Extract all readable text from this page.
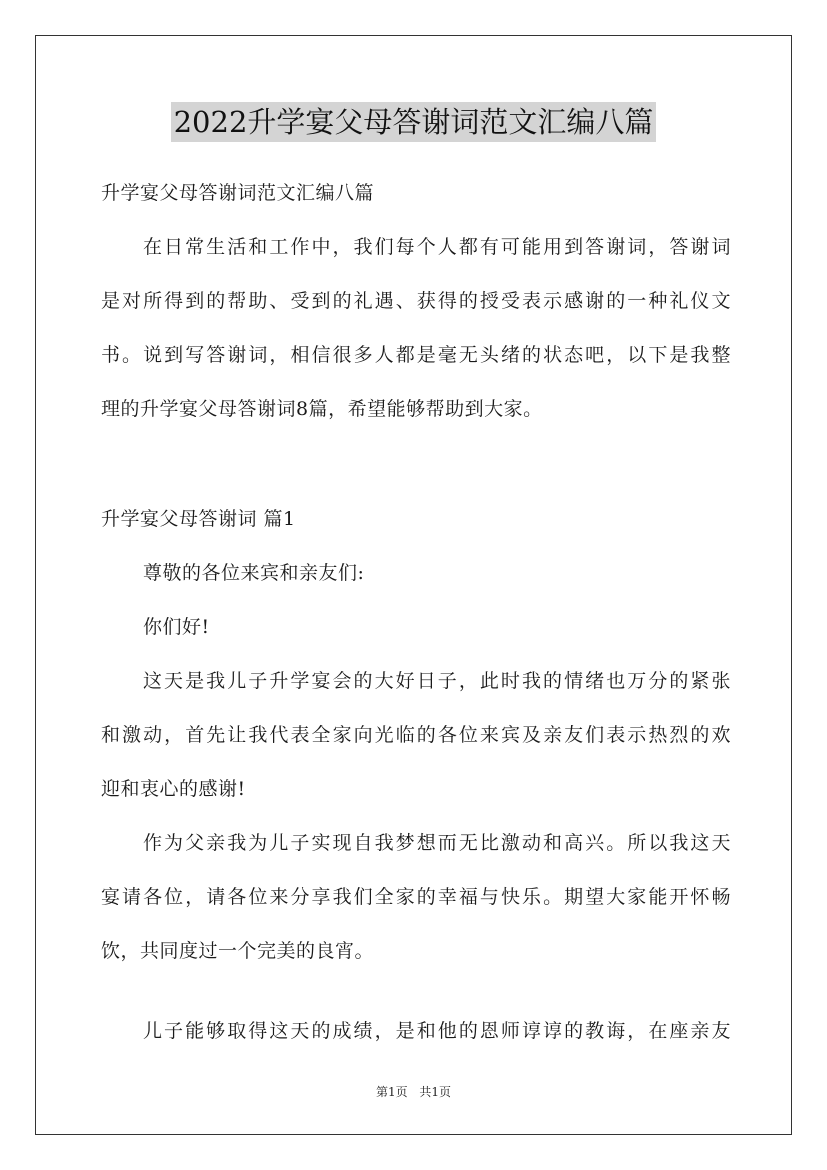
2022升学宴父母答谢词范文汇编八篇
升学宴父母答谢词范文汇编八篇
在日常生活和工作中，我们每个人都有可能用到答谢词，答谢词
是对所得到的帮助、受到的礼遇、获得的授受表示感谢的一种礼仪文
书。说到写答谢词，相信很多人都是毫无头绪的状态吧，以下是我整
理的升学宴父母答谢词8篇，希望能够帮助到大家。
升学宴父母答谢词 篇1
尊敬的各位来宾和亲友们:
你们好!
这天是我儿子升学宴会的大好日子，此时我的情绪也万分的紧张
和激动，首先让我代表全家向光临的各位来宾及亲友们表示热烈的欢
迎和衷心的感谢!
作为父亲我为儿子实现自我梦想而无比激动和高兴。所以我这天
宴请各位，请各位来分享我们全家的幸福与快乐。期望大家能开怀畅
饮，共同度过一个完美的良宵。
儿子能够取得这天的成绩，是和他的恩师谆谆的教诲，在座亲友
第1页 共1页
